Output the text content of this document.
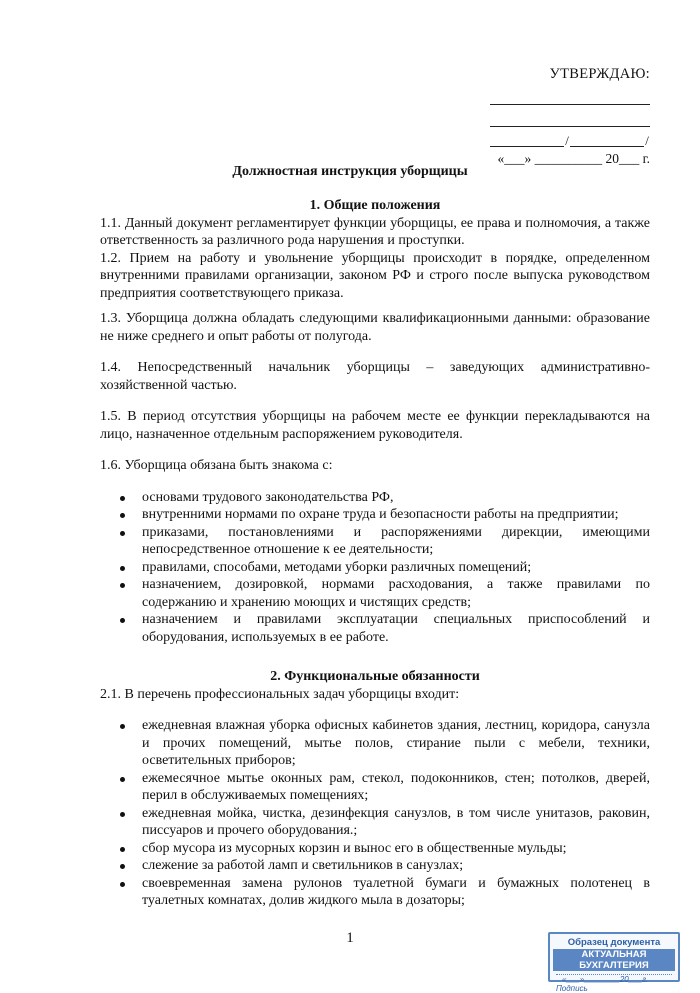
УТВЕРЖДАЮ:
/	/
«___» __________ 20___ г.
Должностная инструкция уборщицы
1. Общие положения
1.1. Данный документ регламентирует функции уборщицы, ее права и полномочия, а также ответственность за различного рода нарушения и проступки.
1.2. Прием на работу и увольнение уборщицы происходит в порядке, определенном внутренними правилами организации, законом РФ и строго после выпуска руководством предприятия соответствующего приказа.
1.3. Уборщица должна обладать следующими квалификационными данными: образование не ниже среднего и опыт работы от полугода.
1.4. Непосредственный начальник уборщицы – заведующих административно-хозяйственной частью.
1.5. В период отсутствия уборщицы на рабочем месте ее функции перекладываются на лицо, назначенное отдельным распоряжением руководителя.
1.6. Уборщица обязана быть знакома с:
основами трудового законодательства РФ,
внутренними нормами по охране труда и безопасности работы на предприятии;
приказами, постановлениями и распоряжениями дирекции, имеющими непосредственное отношение к ее деятельности;
правилами, способами, методами уборки различных помещений;
назначением, дозировкой, нормами расходования, а также правилами по содержанию и хранению моющих и чистящих средств;
назначением и правилами эксплуатации специальных приспособлений и оборудования, используемых в ее работе.
2. Функциональные обязанности
2.1. В перечень профессиональных задач уборщицы входит:
ежедневная влажная уборка офисных кабинетов здания, лестниц, коридора, санузла и прочих помещений, мытье полов, стирание пыли с мебели, техники, осветительных приборов;
ежемесячное мытье оконных рам, стекол, подоконников, стен; потолков, дверей, перил в обслуживаемых помещениях;
ежедневная мойка, чистка, дезинфекция санузлов, в том числе унитазов, раковин, писсуаров и прочего оборудования.;
сбор мусора из мусорных корзин и вынос его в общественные мульды;
слежение за работой ламп и светильников в санузлах;
своевременная замена рулонов туалетной бумаги и бумажных полотенец в туалетных комнатах, долив жидкого мыла в дозаторы;
1	Образец документа
АКТУАЛЬНАЯ БУХГАЛТЕРИЯ
«___»________20___г.
Подпись
